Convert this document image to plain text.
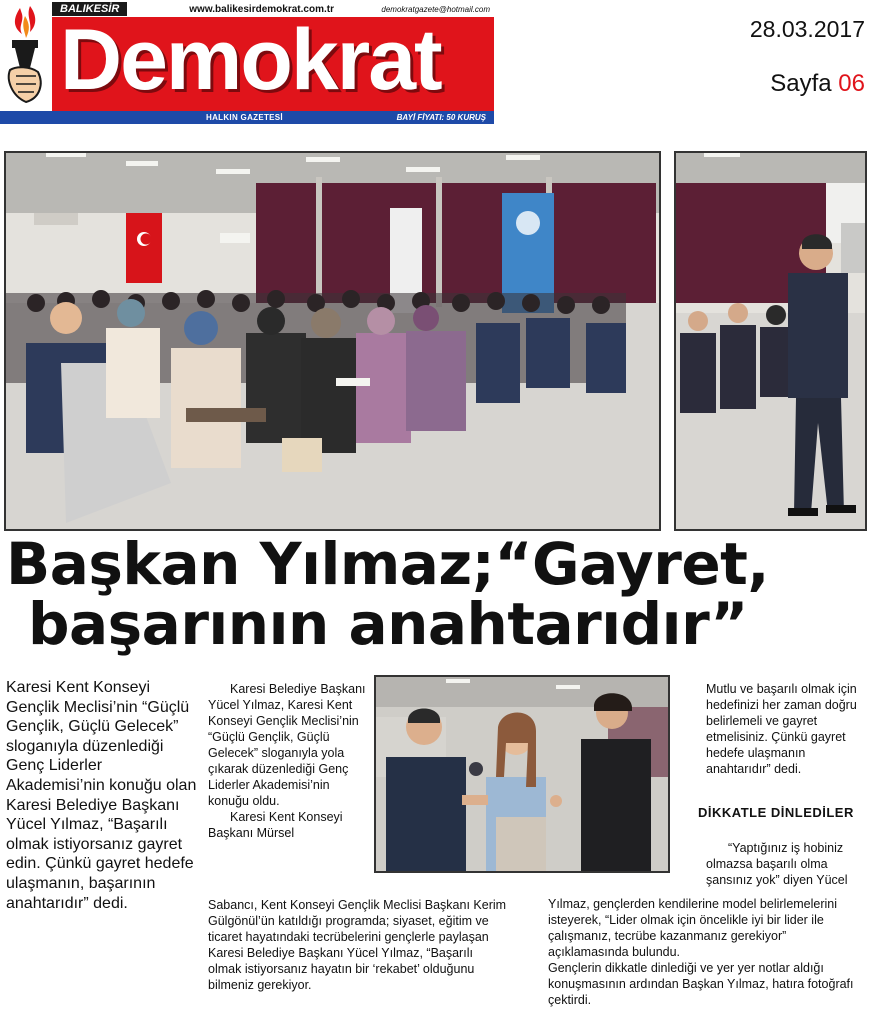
BALIKESİR	www.balikesirdemokrat.com.tr	demokratgazete@hotmail.com
Demokrat
HALKIN GAZETESİ	BAYİ FİYATI: 50 KURUŞ
28.03.2017
Sayfa 06
Başkan Yılmaz;“Gayret,
başarının anahtarıdır”

Karesi Kent Konseyi Gençlik Meclisi’nin “Güçlü Gençlik, Güçlü Gelecek” sloganıyla düzenlediği Genç Liderler Akademisi’nin konuğu olan Karesi Belediye Başkanı Yücel Yılmaz, “Başarılı olmak istiyorsanız gayret edin. Çünkü gayret hedefe ulaşmanın, başarının anahtarıdır” dedi.

Karesi Belediye Başkanı Yücel Yılmaz, Karesi Kent Konseyi Gençlik Meclisi’nin “Güçlü Gençlik, Güçlü Gelecek” sloganıyla yola çıkarak düzenlediği Genç Liderler Akademisi’nin konuğu oldu.

Karesi Kent Konseyi Başkanı Mürsel

Sabancı, Kent Konseyi Gençlik Meclisi Başkanı Kerim Gülgönül’ün katıldığı programda; siyaset, eğitim ve ticaret hayatındaki tecrübelerini gençlerle paylaşan Karesi Belediye Başkanı Yücel Yılmaz, “Başarılı olmak istiyorsanız hayatın bir ‘rekabet’ olduğunu bilmeniz gerekiyor.

Mutlu ve başarılı olmak için hedefinizi her zaman doğru belirlemeli ve gayret etmelisiniz. Çünkü gayret hedefe ulaşmanın anahtarıdır” dedi.

DİKKATLE DİNLEDİLER

“Yaptığınız iş hobiniz olmazsa başarılı olma şansınız yok” diyen Yücel

Yılmaz, gençlerden kendilerine model belirlemelerini isteyerek, “Lider olmak için öncelikle iyi bir lider ile çalışmanız, tecrübe kazanmanız gerekiyor” açıklamasında bulundu.

Gençlerin dikkatle dinlediği ve yer yer notlar aldığı konuşmasının ardından Başkan Yılmaz, hatıra fotoğrafı çektirdi.
